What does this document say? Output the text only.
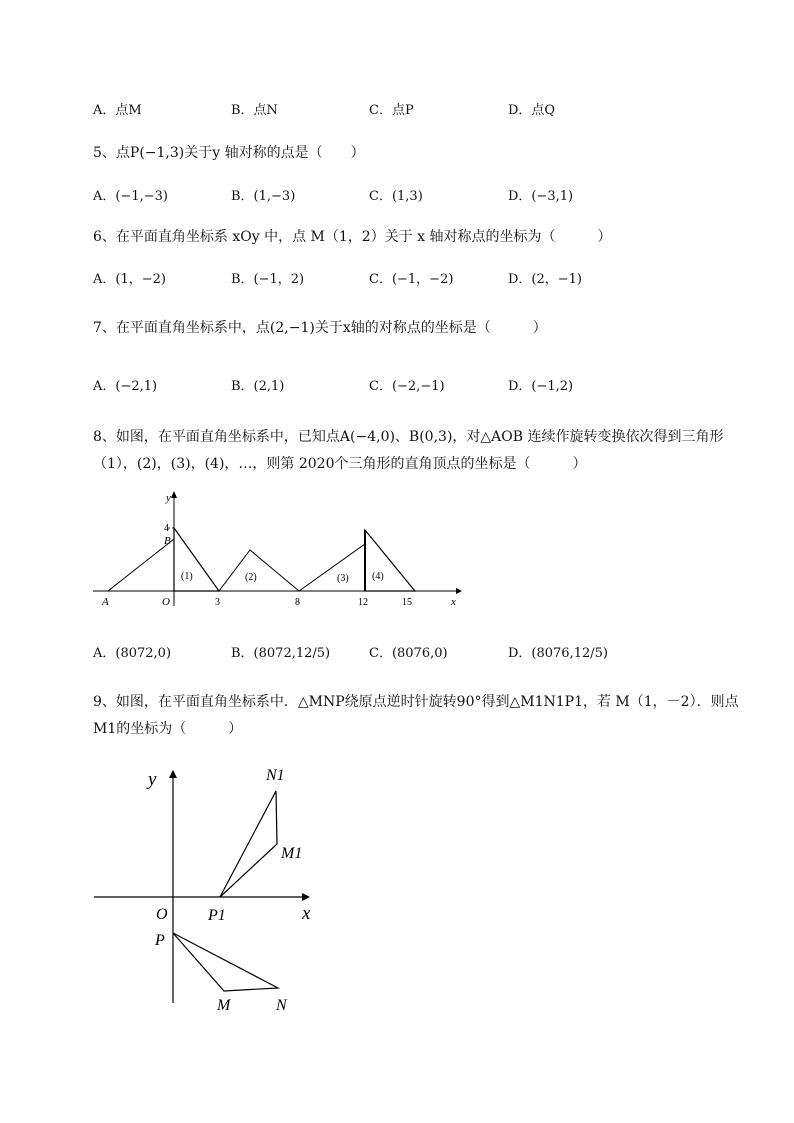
A．点M	B．点N	C．点P	D．点Q
5、点P(−1,3)关于y 轴对称的点是（　　）
A．(−1,−3)	B．(1,−3)	C．(1,3)	D．(−3,1)
6、在平面直角坐标系 xOy 中，点 M（1，2）关于 x 轴对称点的坐标为（　　　）
A．(1，−2)	B．(−1，2)	C．(−1，−2)	D．(2，−1)
7、在平面直角坐标系中，点(2,−1)关于x轴的对称点的坐标是（　　　）
A．(−2,1)	B．(2,1)	C．(−2,−1)	D．(−1,2)
8、如图，在平面直角坐标系中，已知点A(−4,0)、B(0,3)，对△AOB 连续作旋转变换依次得到三角形
（1），(2)，(3)，(4)，…，则第 2020个三角形的直角顶点的坐标是（　　　）
y
x
4
B
A	O	3	8	12	15
(1)	(2)	(3) (4)
A．(8072,0)	B．(8072,12/5)	C．(8076,0)	D．(8076,12/5)
9、如图，在平面直角坐标系中．△MNP绕原点逆时针旋转90°得到△M1N1P1，若 M（1，－2）．则点
M1的坐标为（　　　）
y
x
O
N1
M1
P1
P
M	N
